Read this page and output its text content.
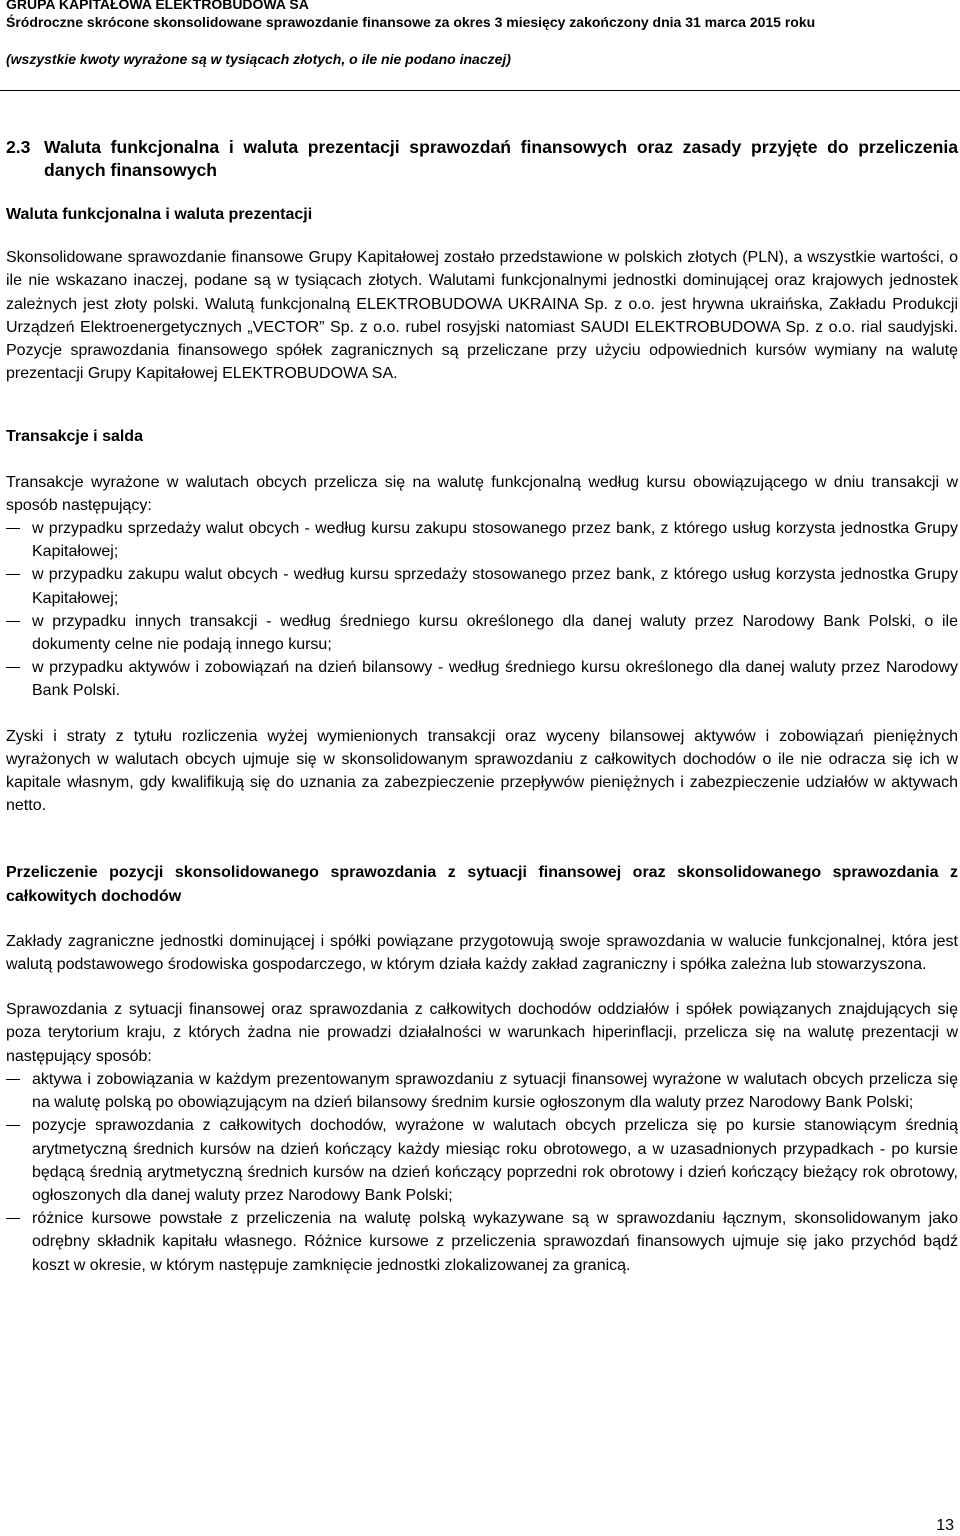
GRUPA KAPITAŁOWA ELEKTROBUDOWA SA
Śródroczne skrócone skonsolidowane sprawozdanie finansowe za okres 3 miesięcy zakończony dnia 31 marca 2015 roku
(wszystkie kwoty wyrażone są w tysiącach złotych, o ile nie podano inaczej)
2.3 Waluta funkcjonalna i waluta prezentacji sprawozdań finansowych oraz zasady przyjęte do przeliczenia danych finansowych

Waluta funkcjonalna i waluta prezentacji

Skonsolidowane sprawozdanie finansowe Grupy Kapitałowej zostało przedstawione w polskich złotych (PLN), a wszystkie wartości, o ile nie wskazano inaczej, podane są w tysiącach złotych. Walutami funkcjonalnymi jednostki dominującej oraz krajowych jednostek zależnych jest złoty polski. Walutą funkcjonalną ELEKTROBUDOWA UKRAINA Sp. z o.o. jest hrywna ukraińska, Zakładu Produkcji Urządzeń Elektroenergetycznych „VECTOR” Sp. z o.o. rubel rosyjski natomiast SAUDI ELEKTROBUDOWA Sp. z o.o. rial saudyjski. Pozycje sprawozdania finansowego spółek zagranicznych są przeliczane przy użyciu odpowiednich kursów wymiany na walutę prezentacji Grupy Kapitałowej ELEKTROBUDOWA SA.

Transakcje i salda

Transakcje wyrażone w walutach obcych przelicza się na walutę funkcjonalną według kursu obowiązującego w dniu transakcji w sposób następujący:

w przypadku sprzedaży walut obcych - według kursu zakupu stosowanego przez bank, z którego usług korzysta jednostka Grupy Kapitałowej;
w przypadku zakupu walut obcych - według kursu sprzedaży stosowanego przez bank, z którego usług korzysta jednostka Grupy Kapitałowej;
w przypadku innych transakcji - według średniego kursu określonego dla danej waluty przez Narodowy Bank Polski, o ile dokumenty celne nie podają innego kursu;
w przypadku aktywów i zobowiązań na dzień bilansowy - według średniego kursu określonego dla danej waluty przez Narodowy Bank Polski.

Zyski i straty z tytułu rozliczenia wyżej wymienionych transakcji oraz wyceny bilansowej aktywów i zobowiązań pieniężnych wyrażonych w walutach obcych ujmuje się w skonsolidowanym sprawozdaniu z całkowitych dochodów o ile nie odracza się ich w kapitale własnym, gdy kwalifikują się do uznania za zabezpieczenie przepływów pieniężnych i zabezpieczenie udziałów w aktywach netto.

Przeliczenie pozycji skonsolidowanego sprawozdania z sytuacji finansowej oraz skonsolidowanego sprawozdania z całkowitych dochodów

Zakłady zagraniczne jednostki dominującej i spółki powiązane przygotowują swoje sprawozdania w walucie funkcjonalnej, która jest walutą podstawowego środowiska gospodarczego, w którym działa każdy zakład zagraniczny i spółka zależna lub stowarzyszona.

Sprawozdania z sytuacji finansowej oraz sprawozdania z całkowitych dochodów oddziałów i spółek powiązanych znajdujących się poza terytorium kraju, z których żadna nie prowadzi działalności w warunkach hiperinflacji, przelicza się na walutę prezentacji w następujący sposób:

aktywa i zobowiązania w każdym prezentowanym sprawozdaniu z sytuacji finansowej wyrażone w walutach obcych przelicza się na walutę polską po obowiązującym na dzień bilansowy średnim kursie ogłoszonym dla waluty przez Narodowy Bank Polski;
pozycje sprawozdania z całkowitych dochodów, wyrażone w walutach obcych przelicza się po kursie stanowiącym średnią arytmetyczną średnich kursów na dzień kończący każdy miesiąc roku obrotowego, a w uzasadnionych przypadkach - po kursie będącą średnią arytmetyczną średnich kursów na dzień kończący poprzedni rok obrotowy i dzień kończący bieżący rok obrotowy, ogłoszonych dla danej waluty przez Narodowy Bank Polski;
różnice kursowe powstałe z przeliczenia na walutę polską wykazywane są w sprawozdaniu łącznym, skonsolidowanym jako odrębny składnik kapitału własnego. Różnice kursowe z przeliczenia sprawozdań finansowych ujmuje się jako przychód bądź koszt w okresie, w którym następuje zamknięcie jednostki zlokalizowanej za granicą.
13
